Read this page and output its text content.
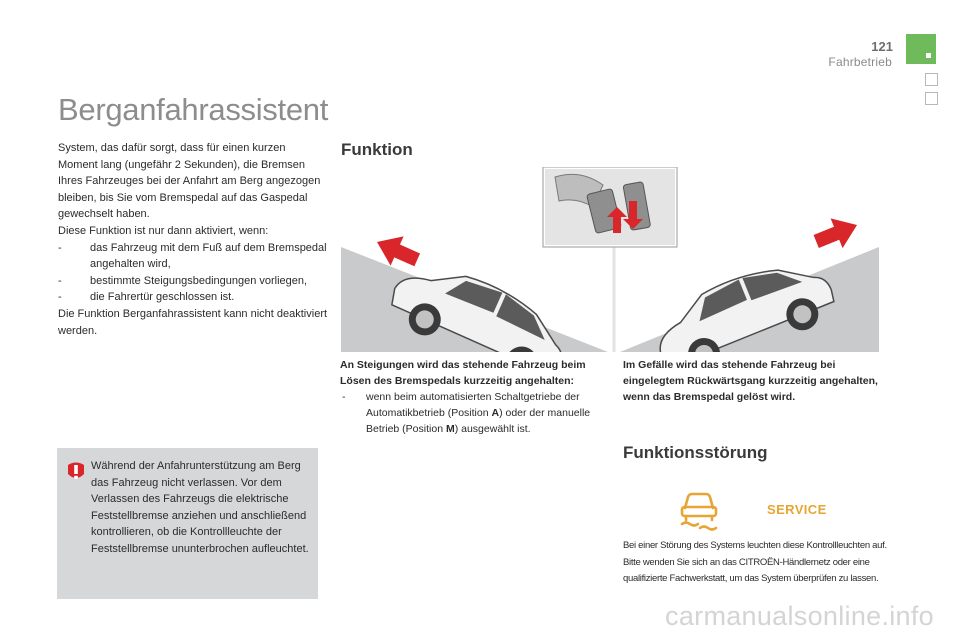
121
Fahrbetrieb
Berganfahrassistent

System, das dafür sorgt, dass für einen kurzen Moment lang (ungefähr 2 Sekunden), die Bremsen Ihres Fahrzeuges bei der Anfahrt am Berg angezogen bleiben, bis Sie vom Bremspedal auf das Gaspedal gewechselt haben.

Diese Funktion ist nur dann aktiviert, wenn:

-	das Fahrzeug mit dem Fuß auf dem Bremspedal angehalten wird,
-	bestimmte Steigungsbedingungen vorliegen,
-	die Fahrertür geschlossen ist.

Die Funktion Berganfahrassistent kann nicht deaktiviert werden.

Während der Anfahrunterstützung am Berg das Fahrzeug nicht verlassen. Vor dem Verlassen des Fahrzeugs die elektrische Feststellbremse anziehen und anschließend kontrollieren, ob die Kontrollleuchte der Feststellbremse ununterbrochen aufleuchtet.
Funktion
An Steigungen wird das stehende Fahrzeug beim Lösen des Bremspedals kurzzeitig angehalten:
- wenn beim automatisierten Schaltgetriebe der Automatikbetrieb (Position A) oder der manuelle Betrieb (Position M) ausgewählt ist.
Im Gefälle wird das stehende Fahrzeug bei eingelegtem Rückwärtsgang kurzzeitig angehalten, wenn das Bremspedal gelöst wird.
Funktionsstörung
SERVICE
Bei einer Störung des Systems leuchten diese Kontrollleuchten auf. Bitte wenden Sie sich an das CITROËN-Händlernetz oder eine qualifizierte Fachwerkstatt, um das System überprüfen zu lassen.
carmanualsonline.info
